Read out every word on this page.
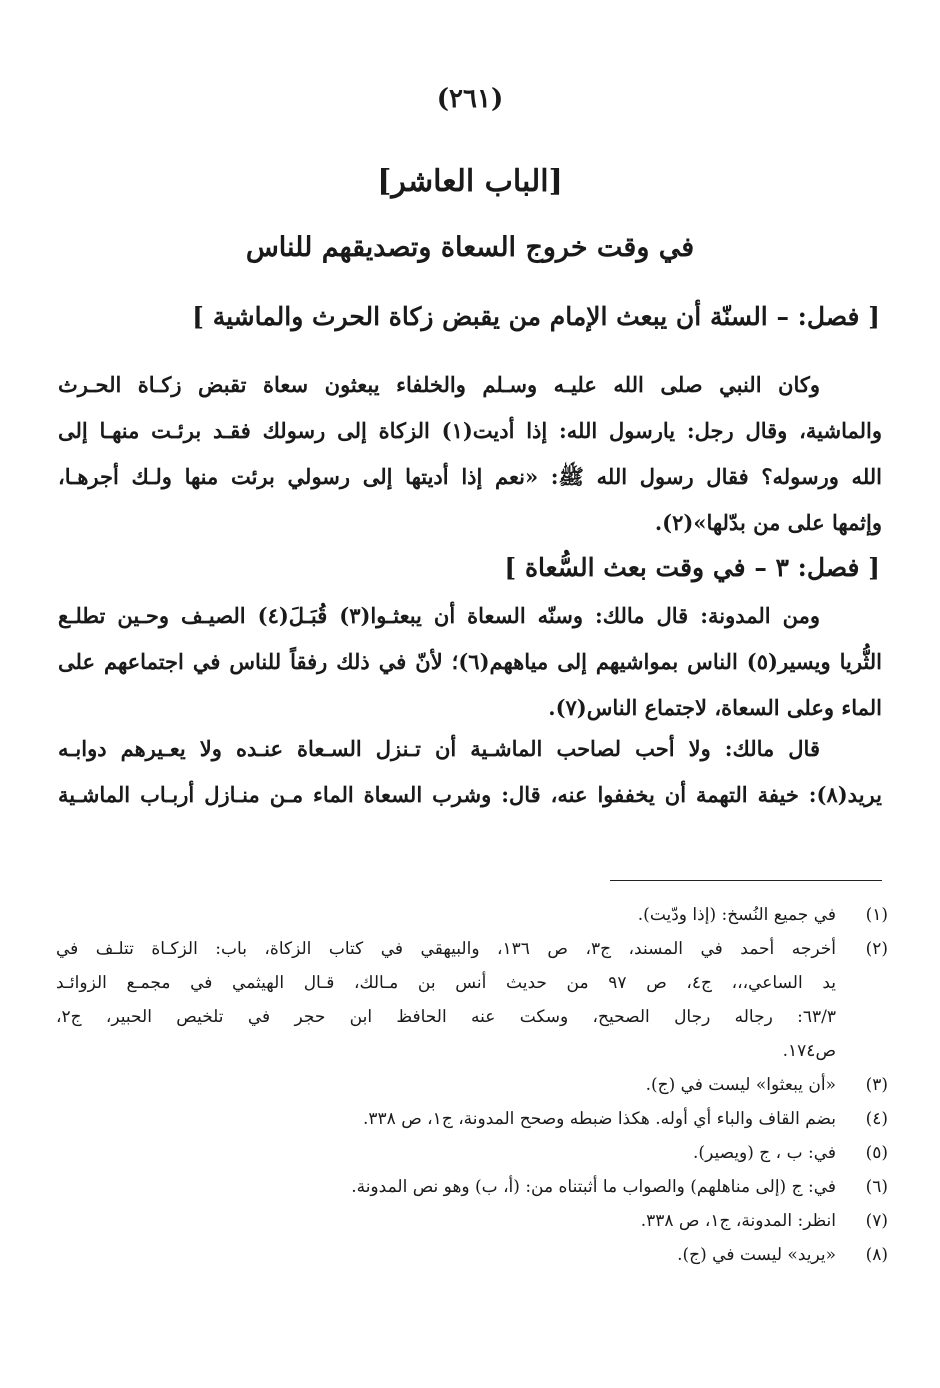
(٢٦١)
[الباب العاشر]
في وقت خروج السعاة وتصديقهم للناس
[ فصل: – السنّة أن يبعث الإمام من يقبض زكاة الحرث والماشية ]
وكان النبي صلى الله عليـه وسـلم والخلفاء يبعثون سعاة تقبض زكـاة الحـرث
والماشية، وقال رجل: يارسول الله: إذا أديت(١) الزكاة إلى رسولك فقـد برئـت منهـا إلى
الله ورسوله؟ فقال رسول الله ﷺ: «نعم إذا أديتها إلى رسولي برئت منها ولـك أجرهـا،
وإثمها على من بدّلها»(٢).
[ فصل: ٣ – في وقت بعث السُّعاة ]
ومن المدونة: قال مالك: وسنّه السعاة أن يبعثـوا(٣) قُبَـلَ(٤) الصيـف وحـين تطلـع
الثُّريا ويسير(٥) الناس بمواشيهم إلى مياههم(٦)؛ لأنّ في ذلك رفقاً للناس في اجتماعهم على
الماء وعلى السعاة، لاجتماع الناس(٧).
قال مالك: ولا أحب لصاحب الماشـية أن تـنزل السـعاة عنـده ولا يعـيرهم دوابـه
يريد(٨): خيفة التهمة أن يخففوا عنه، قال: وشرب السعاة الماء مـن منـازل أربـاب الماشـية
(١)
في جميع النُسخ: (إذا ودّيت).
(٢)
أخرجه أحمد في المسند، ج٣، ص ١٣٦، والبيهقي في كتاب الزكاة، باب: الزكـاة تتلـف في
يد الساعي،،، ج٤، ص ٩٧ من حديث أنس بن مـالك، قـال الهيثمي في مجمـع الزوائـد
٦٣/٣: رجاله رجال الصحيح، وسكت عنه الحافظ ابن حجر في تلخيص الحبير، ج٢،
ص١٧٤.
(٣)
«أن يبعثوا» ليست في (ج).
(٤)
بضم القاف والباء أي أوله. هكذا ضبطه وصحح المدونة، ج١، ص ٣٣٨.
(٥)
في: ب ، ج (ويصير).
(٦)
في: ج (إلى مناهلهم) والصواب ما أثبتناه من: (أ، ب) وهو نص المدونة.
(٧)
انظر: المدونة، ج١، ص ٣٣٨.
(٨)
«يريد» ليست في (ج).
